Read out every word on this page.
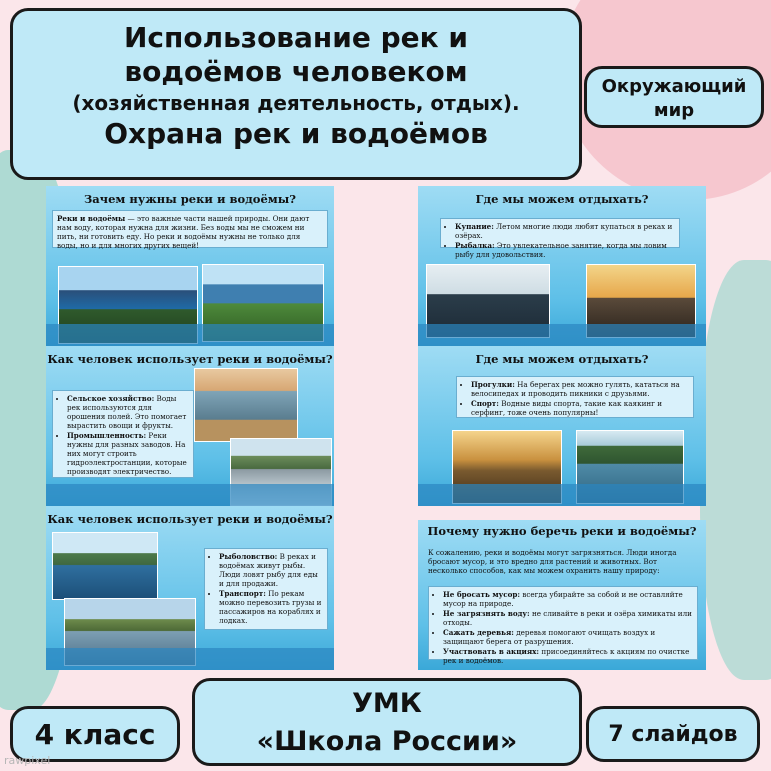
Использование рек и
водоёмов человеком

(хозяйственная деятельность, отдых).
Охрана рек и водоёмов
Окружающий
мир
Зачем нужны реки и водоёмы?
Реки и водоёмы — это важные части нашей природы. Они дают нам воду, которая нужна для жизни. Без воды мы не сможем ни пить, ни готовить еду. Но реки и водоёмы нужны не только для воды, но и для многих других вещей!
Как человек использует реки и водоёмы?
• Сельское хозяйство: Воды рек используются для орошения полей. Это помогает вырастить овощи и фрукты.
• Промышленность: Реки нужны для разных заводов. На них могут строить гидроэлектростанции, которые производят электричество.
Как человек использует реки и водоёмы?
• Рыболовство: В реках и водоёмах живут рыбы. Люди ловят рыбу для еды и для продажи.
• Транспорт: По рекам можно перевозить грузы и пассажиров на кораблях и лодках.
Где мы можем отдыхать?
• Купание: Летом многие люди любят купаться в реках и озёрах.
• Рыбалка: Это увлекательное занятие, когда мы ловим рыбу для удовольствия.
Где мы можем отдыхать?
• Прогулки: На берегах рек можно гулять, кататься на велосипедах и проводить пикники с друзьями.
• Спорт: Водные виды спорта, такие как каякинг и серфинг, тоже очень популярны!
Почему нужно беречь реки и водоёмы?
К сожалению, реки и водоёмы могут загрязняться. Люди иногда бросают мусор, и это вредно для растений и животных. Вот несколько способов, как мы можем охранить нашу природу:
• Не бросать мусор: всегда убирайте за собой и не оставляйте мусор на природе.
• Не загрязнять воду: не сливайте в реки и озёра химикаты или отходы.
• Сажать деревья: деревья помогают очищать воздух и защищают берега от разрушения.
• Участвовать в акциях: присоединяйтесь к акциям по очистке рек и водоёмов.
4 класс
УМК
«Школа России»	7 слайдов
rawpixel
